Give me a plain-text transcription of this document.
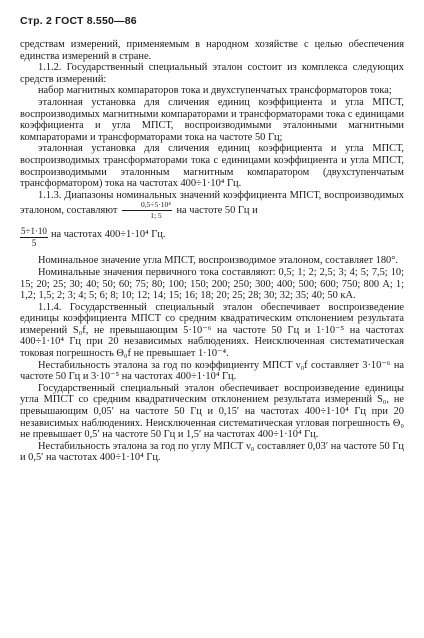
Стр. 2 ГОСТ 8.550—86

средствам измерений, применяемым в народном хозяйстве с целью обеспечения единства измерений в стране.

1.1.2. Государственный специальный эталон состоит из комплекса следующих средств измерений:

набор магнитных компараторов тока и двухступенчатых трансформаторов тока;

эталонная установка для сличения единиц коэффициента и угла МПСТ, воспроизводимых магнитными компараторами и трансформаторами тока с единицами коэффициента и угла МПСТ, воспроизводимыми эталонными магнитными компараторами и трансформаторами тока на частоте 50 Гц;

эталонная установка для сличения единиц коэффициента и угла МПСТ, воспроизводимых трансформаторами тока с единицами коэффициента и угла МПСТ, воспроизводимыми эталонным магнитным компаратором (двухступенчатым трансформатором) тока на частотах 400÷1·10⁴ Гц.

1.1.3. Диапазоны номинальных значений коэффициента МПСТ, воспроизводимых эталоном, составляют $\frac{\text{0,5÷5·10⁴}}{1; 5}$ на частоте 50 Гц и

$\frac{5\div 1\cdot 10}{5}$ на частотах 400÷1·10⁴ Гц.

Номинальное значение угла МПСТ, воспроизводимое эталоном, составляет 180°.

Номинальные значения первичного тока составляют: 0,5; 1; 2; 2,5; 3; 4; 5; 7,5; 10; 15; 20; 25; 30; 40; 50; 60; 75; 80; 100; 150; 200; 250; 300; 400; 500; 600; 750; 800 А; 1; 1,2; 1,5; 2; 3; 4; 5; 6; 8; 10; 12; 14; 15; 16; 18; 20; 25; 28; 30; 32; 35; 40; 50 кА.

1.1.4. Государственный специальный эталон обеспечивает воспроизведение единицы коэффициента МПСТ со средним квадратическим отклонением результата измерений S₀f, не превышающим 5·10⁻⁶ на частоте 50 Гц и 1·10⁻⁵ на частотах 400÷1·10⁴ Гц при 20 независимых наблюдениях. Неисключенная систематическая токовая погрешность Θ₀f не превышает 1·10⁻⁴.

Нестабильность эталона за год по коэффициенту МПСТ ν₀f составляет 3·10⁻⁶ на частоте 50 Гц и 3·10⁻⁵ на частотах 400÷1·10⁴ Гц.

Государственный специальный эталон обеспечивает воспроизведение единицы угла МПСТ со средним квадратическим отклонением результата измерений S₀, не превышающим 0,05′ на частоте 50 Гц и 0,15′ на частотах 400÷1·10⁴ Гц при 20 независимых наблюдениях. Неисключенная систематическая угловая погрешность Θ₀ не превышает 0,5′ на частоте 50 Гц и 1,5′ на частотах 400÷1·10⁴ Гц.

Нестабильность эталона за год по углу МПСТ ν₀ составляет 0,03′ на частоте 50 Гц и 0,5′ на частотах 400÷1·10⁴ Гц.
